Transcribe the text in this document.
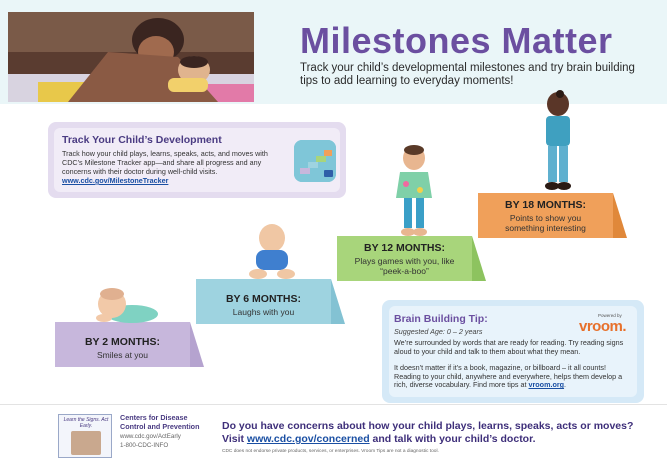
Milestones Matter
Track your child’s developmental milestones and try brain building tips to add learning to everyday moments!
Track Your Child’s Development
Track how your child plays, learns, speaks, acts, and moves with CDC’s Milestone Tracker app—and share all progress and any concerns with their doctor during well-child visits.
www.cdc.gov/MilestoneTracker
BY 2 MONTHS:
Smiles at you
BY 6 MONTHS:
Laughs with you
BY 12 MONTHS:
Plays games with you, like “peek-a-boo”
BY 18 MONTHS:
Points to show you something interesting
Brain Building Tip:
Suggested Age: 0 – 2 years
Powered by
vroom.
We’re surrounded by words that are ready for reading. Try reading signs aloud to your child and talk to them about what they mean.
It doesn’t matter if it’s a book, magazine, or billboard – it all counts! Reading to your child, anywhere and everywhere, helps them develop a rich, diverse vocabulary. Find more tips at vroom.org.
Learn the Signs. Act Early.
Centers for Disease Control and Prevention
www.cdc.gov/ActEarly
1-800-CDC-INFO
Do you have concerns about how your child plays, learns, speaks, acts or moves?
Visit www.cdc.gov/concerned and talk with your child’s doctor.
CDC does not endorse private products, services, or enterprises. Vroom Tips are not a diagnostic tool.
